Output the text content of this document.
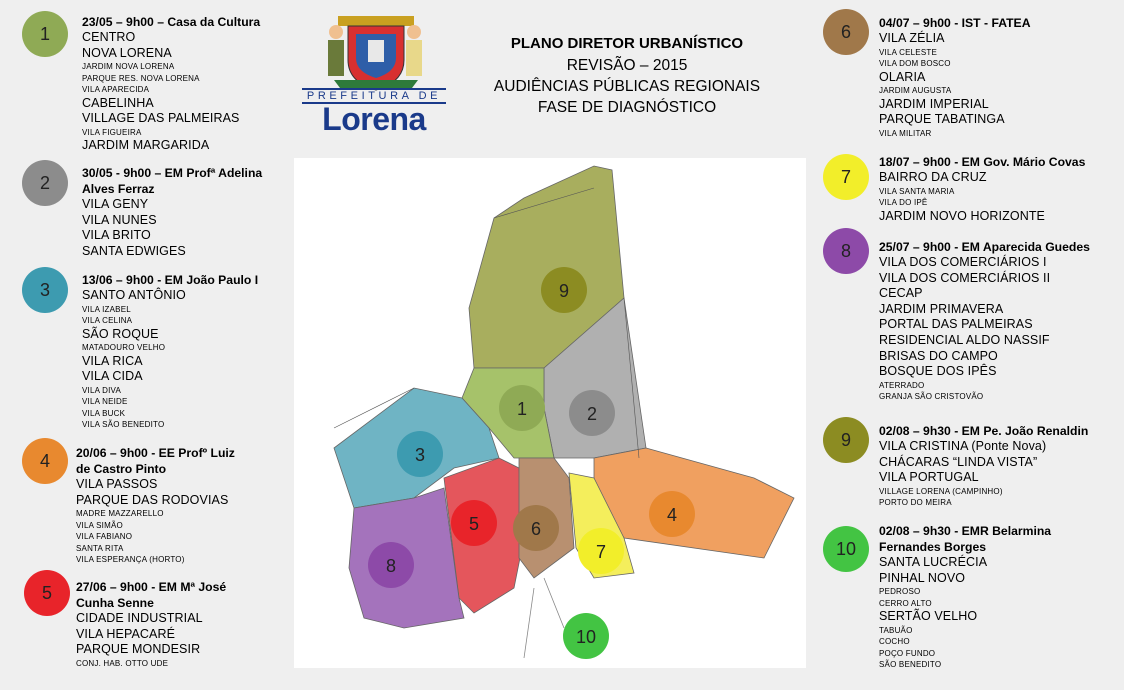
PREFEITURA DE
Lorena
PLANO DIRETOR URBANÍSTICO
REVISÃO – 2015
AUDIÊNCIAS PÚBLICAS REGIONAIS
FASE DE DIAGNÓSTICO
1
23/05 – 9h00 – Casa da Cultura
CENTRO
NOVA LORENA
JARDIM NOVA LORENA
PARQUE RES. NOVA LORENA
VILA APARECIDA
CABELINHA
VILLAGE DAS PALMEIRAS
VILA FIGUEIRA
JARDIM MARGARIDA
2	30/05 - 9h00 – EM Profª Adelina
Alves Ferraz
VILA GENY
VILA NUNES
VILA BRITO
SANTA EDWIGES
3	13/06 – 9h00 - EM João Paulo I
SANTO ANTÔNIO
VILA IZABEL
VILA CELINA
SÃO ROQUE
MATADOURO VELHO
VILA RICA
VILA CIDA
VILA DIVA
VILA NEIDE
VILA BUCK
VILA SÃO BENEDITO
4	20/06 – 9h00 - EE Profº Luiz
de Castro Pinto
VILA PASSOS
PARQUE DAS RODOVIAS
MADRE MAZZARELLO
VILA SIMÃO
VILA FABIANO
SANTA RITA
VILA ESPERANÇA (HORTO)
5	27/06 – 9h00 - EM Mª José
Cunha Senne
CIDADE INDUSTRIAL
VILA HEPACARÉ
PARQUE MONDESIR
CONJ. HAB. OTTO UDE
6	04/07 – 9h00 - IST - FATEA
VILA ZÉLIA
VILA CELESTE
VILA DOM BOSCO
OLARIA
JARDIM AUGUSTA
JARDIM IMPERIAL
PARQUE TABATINGA
VILA MILITAR
7
18/07 – 9h00 - EM Gov. Mário Covas
BAIRRO DA CRUZ
VILA SANTA MARIA
VILA DO IPÊ
JARDIM NOVO HORIZONTE
8	25/07 – 9h00 - EM Aparecida Guedes
VILA DOS COMERCIÁRIOS I
VILA DOS COMERCIÁRIOS II
CECAP
JARDIM PRIMAVERA
PORTAL DAS PALMEIRAS
RESIDENCIAL ALDO NASSIF
BRISAS DO CAMPO
BOSQUE DOS IPÊS
ATERRADO
GRANJA SÃO CRISTOVÃO
9	02/08 – 9h30 - EM Pe. João Renaldin
VILA CRISTINA (Ponte Nova)
CHÁCARAS “LINDA VISTA”
VILA PORTUGAL
VILLAGE LORENA (CAMPINHO)
PORTO DO MEIRA
10
02/08 – 9h30 - EMR Belarmina
Fernandes Borges
SANTA LUCRÉCIA
PINHAL NOVO
PEDROSO
CERRO ALTO
SERTÃO VELHO
TABUÃO
COCHO
POÇO FUNDO
SÃO BENEDITO
9
1	2
3
4
5	6
7
8
10
